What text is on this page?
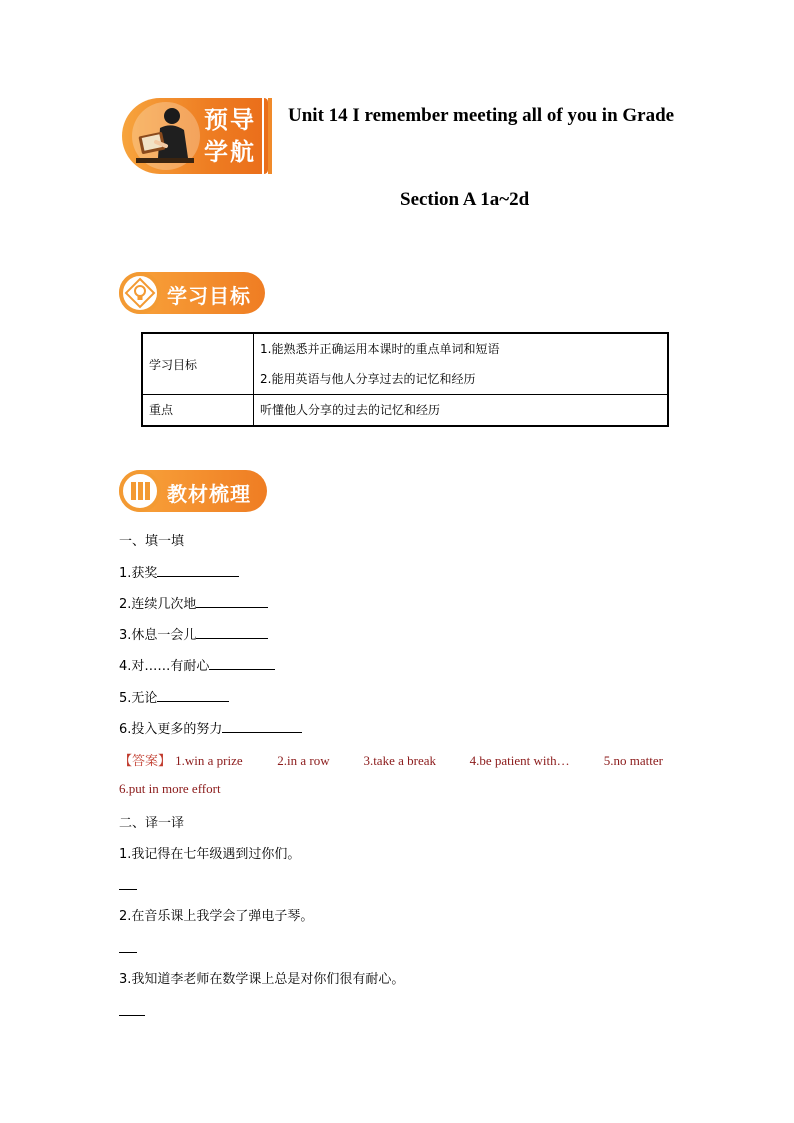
预导
学航
Unit 14 I remember meeting all of you in Grade
Section A 1a~2d
学习目标
学习目标	1.能熟悉并正确运用本课时的重点单词和短语
2.能用英语与他人分享过去的记忆和经历

重点	听懂他人分享的过去的记忆和经历
教材梳理
一、填一填
1.获奖
2.连续几次地
3.休息一会儿
4.对……有耐心
5.无论
6.投入更多的努力
【答案】 1.win a prize	2.in a row	3.take a break	4.be patient with…	5.no matter
6.put in more effort
二、译一译
1.我记得在七年级遇到过你们。
2.在音乐课上我学会了弹电子琴。
3.我知道李老师在数学课上总是对你们很有耐心。
